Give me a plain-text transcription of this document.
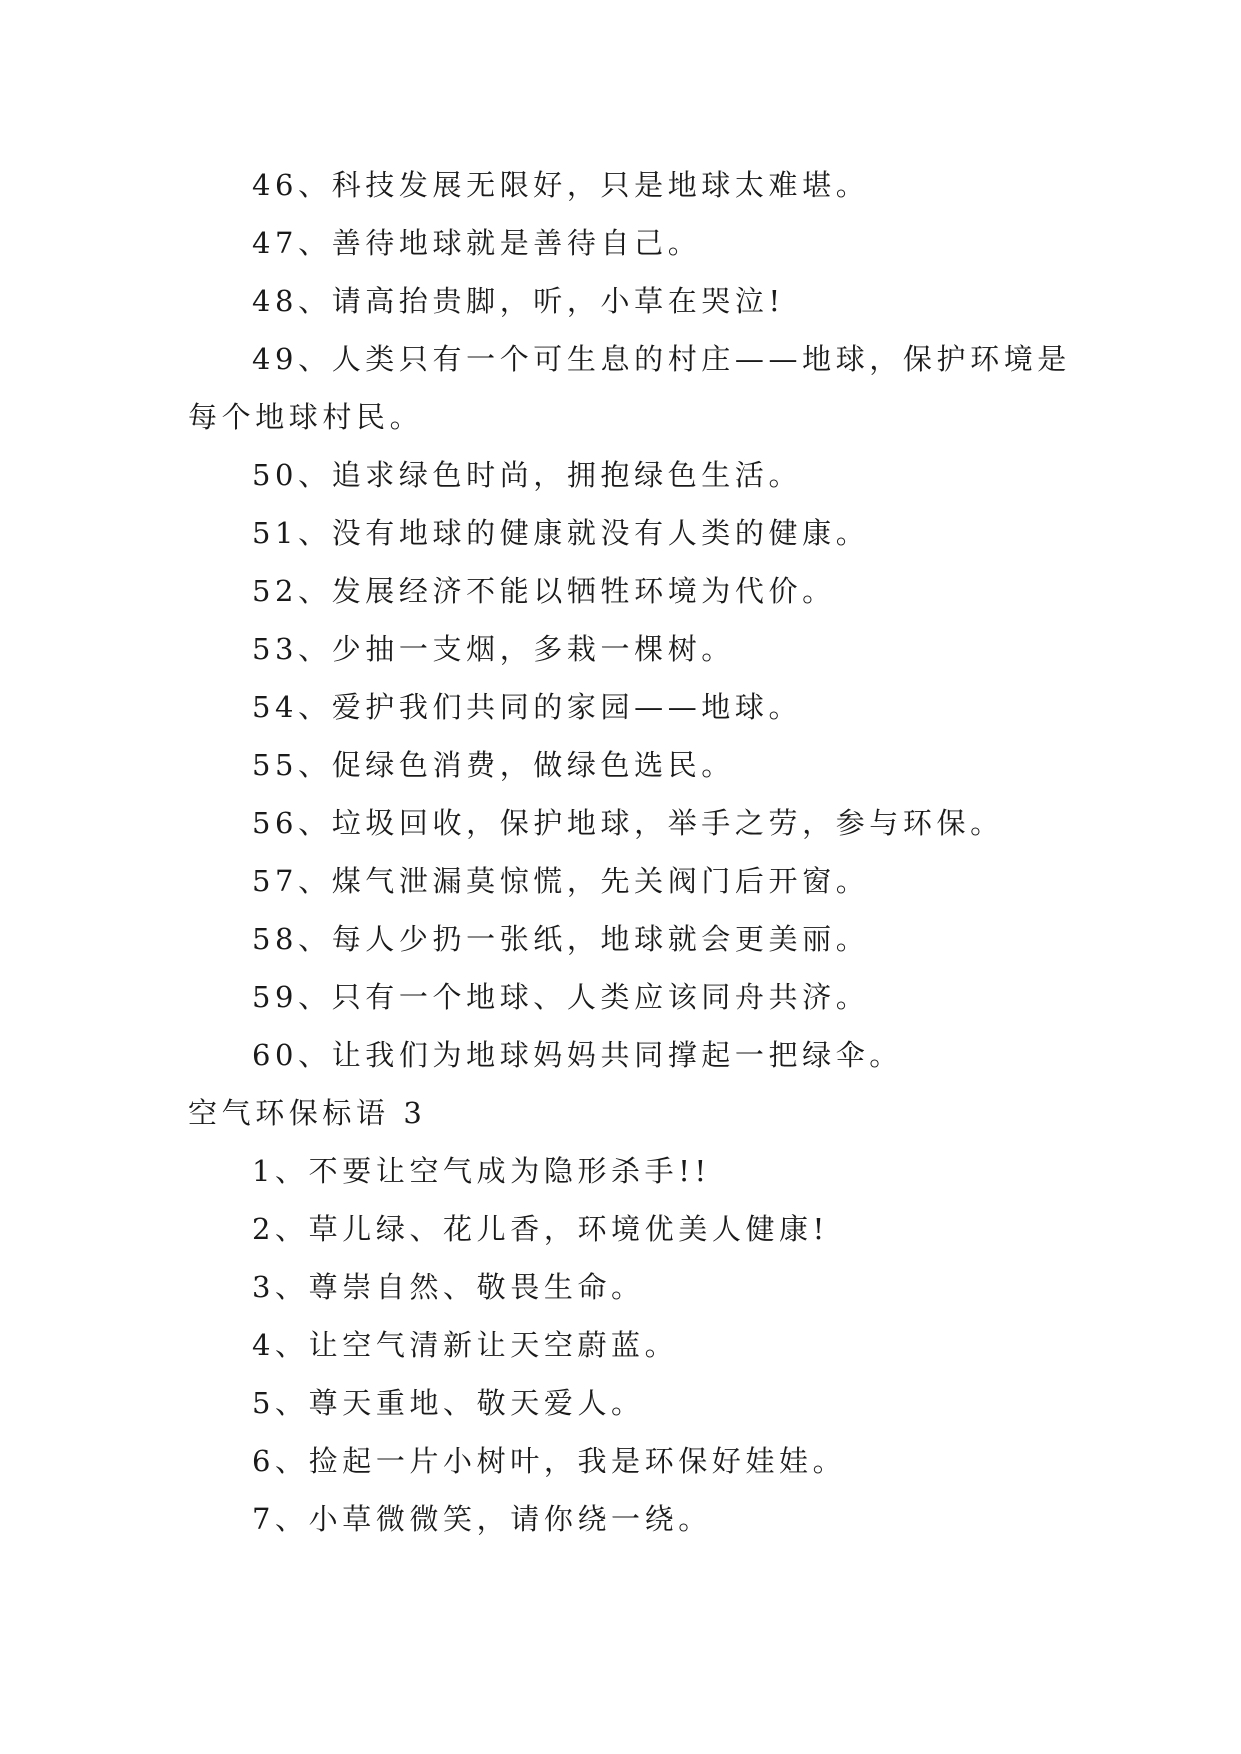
46、科技发展无限好，只是地球太难堪。
47、善待地球就是善待自己。
48、请高抬贵脚，听，小草在哭泣!
49、人类只有一个可生息的村庄——地球，保护环境是
每个地球村民。
50、追求绿色时尚，拥抱绿色生活。
51、没有地球的健康就没有人类的健康。
52、发展经济不能以牺牲环境为代价。
53、少抽一支烟，多栽一棵树。
54、爱护我们共同的家园——地球。
55、促绿色消费，做绿色选民。
56、垃圾回收，保护地球，举手之劳，参与环保。
57、煤气泄漏莫惊慌，先关阀门后开窗。
58、每人少扔一张纸，地球就会更美丽。
59、只有一个地球、人类应该同舟共济。
60、让我们为地球妈妈共同撑起一把绿伞。
空气环保标语 3
1、不要让空气成为隐形杀手!!
2、草儿绿、花儿香，环境优美人健康!
3、尊崇自然、敬畏生命。
4、让空气清新让天空蔚蓝。
5、尊天重地、敬天爱人。
6、捡起一片小树叶，我是环保好娃娃。
7、小草微微笑，请你绕一绕。
